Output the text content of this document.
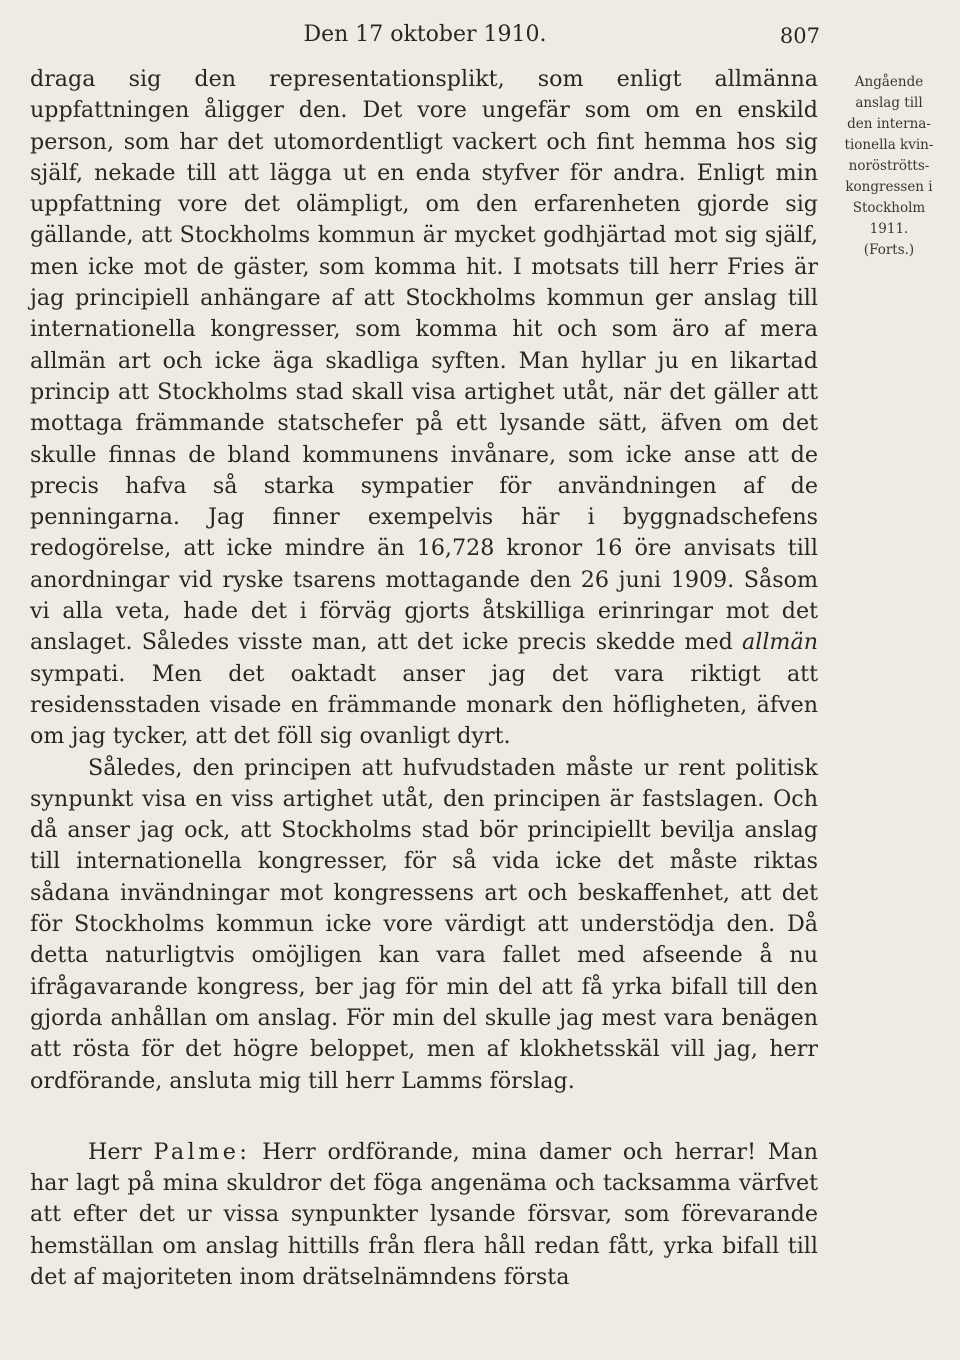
Den 17 oktober 1910.	807
Angående
anslag till
den interna-
tionella kvin-
noröströtts-
kongressen i
Stockholm
1911.
(Forts.)

draga sig den representationsplikt, som enligt allmänna uppfattningen åligger den. Det vore ungefär som om en enskild person, som har det utomordentligt vackert och fint hemma hos sig själf, nekade till att lägga ut en enda styfver för andra. Enligt min uppfattning vore det olämpligt, om den erfarenheten gjorde sig gällande, att Stockholms kommun är mycket godhjärtad mot sig själf, men icke mot de gäster, som komma hit. I motsats till herr Fries är jag principiell anhängare af att Stockholms kommun ger anslag till internationella kongresser, som komma hit och som äro af mera allmän art och icke äga skadliga syften. Man hyllar ju en likartad princip att Stockholms stad skall visa artighet utåt, när det gäller att mottaga främmande statschefer på ett lysande sätt, äfven om det skulle finnas de bland kommunens invånare, som icke anse att de precis hafva så starka sympatier för användningen af de penningarna. Jag finner exempelvis här i byggnadschefens redogörelse, att icke mindre än 16,728 kronor 16 öre anvisats till anordningar vid ryske tsarens mottagande den 26 juni 1909. Såsom vi alla veta, hade det i förväg gjorts åtskilliga erinringar mot det anslaget. Således visste man, att det icke precis skedde med allmän sympati. Men det oaktadt anser jag det vara riktigt att residensstaden visade en främmande monark den höfligheten, äfven om jag tycker, att det föll sig ovanligt dyrt.

Således, den principen att hufvudstaden måste ur rent politisk synpunkt visa en viss artighet utåt, den principen är fastslagen. Och då anser jag ock, att Stockholms stad bör principiellt bevilja anslag till internationella kongresser, för så vida icke det måste riktas sådana invändningar mot kongressens art och beskaffenhet, att det för Stockholms kommun icke vore värdigt att understödja den. Då detta naturligtvis omöjligen kan vara fallet med afseende å nu ifrågavarande kongress, ber jag för min del att få yrka bifall till den gjorda anhållan om anslag. För min del skulle jag mest vara benägen att rösta för det högre beloppet, men af klokhetsskäl vill jag, herr ordförande, ansluta mig till herr Lamms förslag.

Herr Palme: Herr ordförande, mina damer och herrar! Man har lagt på mina skuldror det föga angenäma och tacksamma värfvet att efter det ur vissa synpunkter lysande försvar, som förevarande hemställan om anslag hittills från flera håll redan fått, yrka bifall till det af majoriteten inom drätselnämndens första
